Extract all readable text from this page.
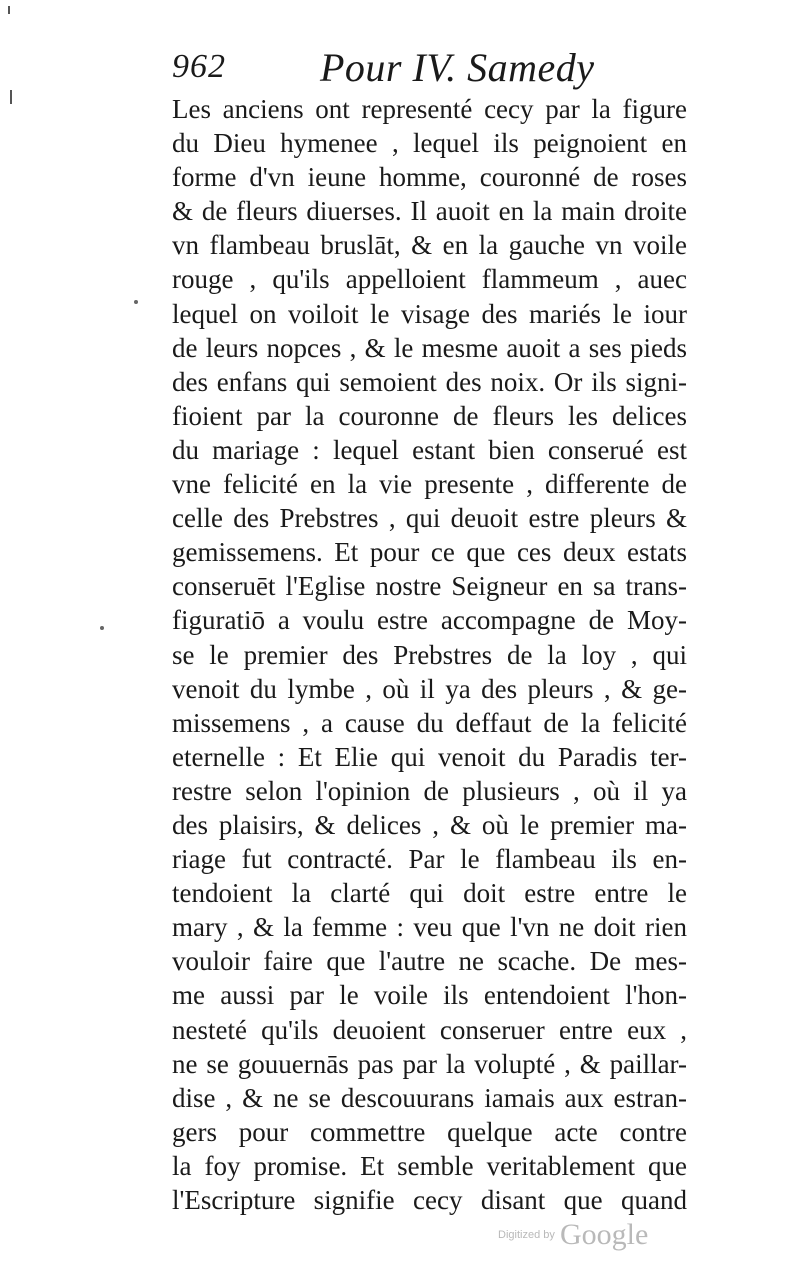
962 Pour IV. Samedy
Les anciens ont representé cecy par la figure
du Dieu hymenee , lequel ils peignoient en
forme d'vn ieune homme, couronné de roses
& de fleurs diuerses. Il auoit en la main droite
vn flambeau bruslāt, & en la gauche vn voile
rouge , qu'ils appelloient flammeum , auec
lequel on voiloit le visage des mariés le iour
de leurs nopces , & le mesme auoit a ses pieds
des enfans qui semoient des noix. Or ils signi-
fioient par la couronne de fleurs les delices
du mariage : lequel estant bien conserué est
vne felicité en la vie presente , differente de
celle des Prebstres , qui deuoit estre pleurs &
gemissemens. Et pour ce que ces deux estats
conseruēt l'Eglise nostre Seigneur en sa trans-
figuratiō a voulu estre accompagne de Moy-
se le premier des Prebstres de la loy , qui
venoit du lymbe , où il ya des pleurs , & ge-
missemens , a cause du deffaut de la felicité
eternelle : Et Elie qui venoit du Paradis ter-
restre selon l'opinion de plusieurs , où il ya
des plaisirs, & delices , & où le premier ma-
riage fut contracté. Par le flambeau ils en-
tendoient la clarté qui doit estre entre le
mary , & la femme : veu que l'vn ne doit rien
vouloir faire que l'autre ne scache. De mes-
me aussi par le voile ils entendoient l'hon-
nesteté qu'ils deuoient conseruer entre eux ,
ne se gouuernās pas par la volupté , & paillar-
dise , & ne se descouurans iamais aux estran-
gers pour commettre quelque acte contre
la foy promise. Et semble veritablement que
l'Escripture signifie cecy disant que quand
Digitized by Google
